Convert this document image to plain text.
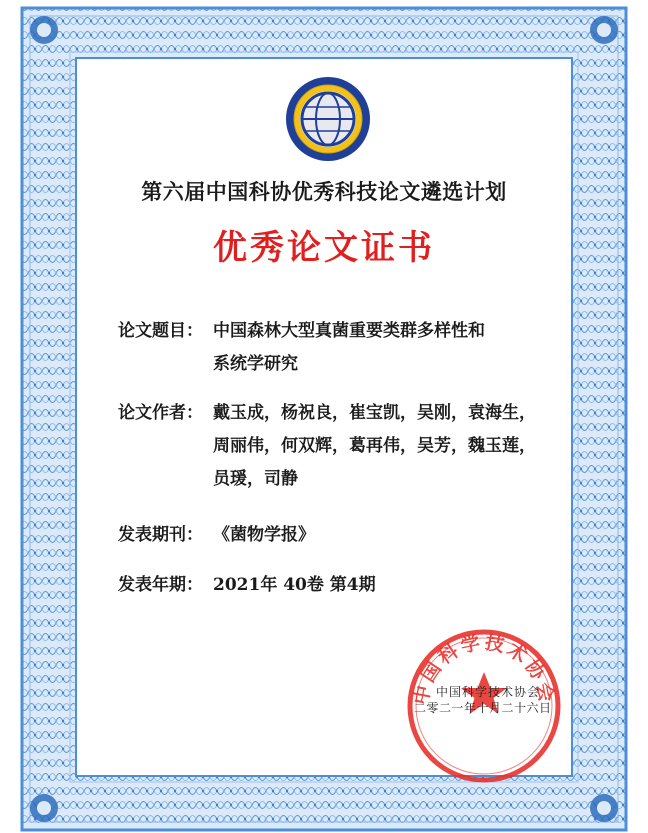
第六届中国科协优秀科技论文遴选计划
优秀论文证书
论文题目： 中国森林大型真菌重要类群多样性和
系统学研究
论文作者： 戴玉成，杨祝良，崔宝凯，吴刚，袁海生，
周丽伟，何双辉，葛再伟，吴芳，魏玉莲，
员瑗，司静
发表期刊： 《菌物学报》
发表年期： 2021年 40卷 第4期
中国科学技术协会
中国科学技术协会
二零二一年十月二十六日
